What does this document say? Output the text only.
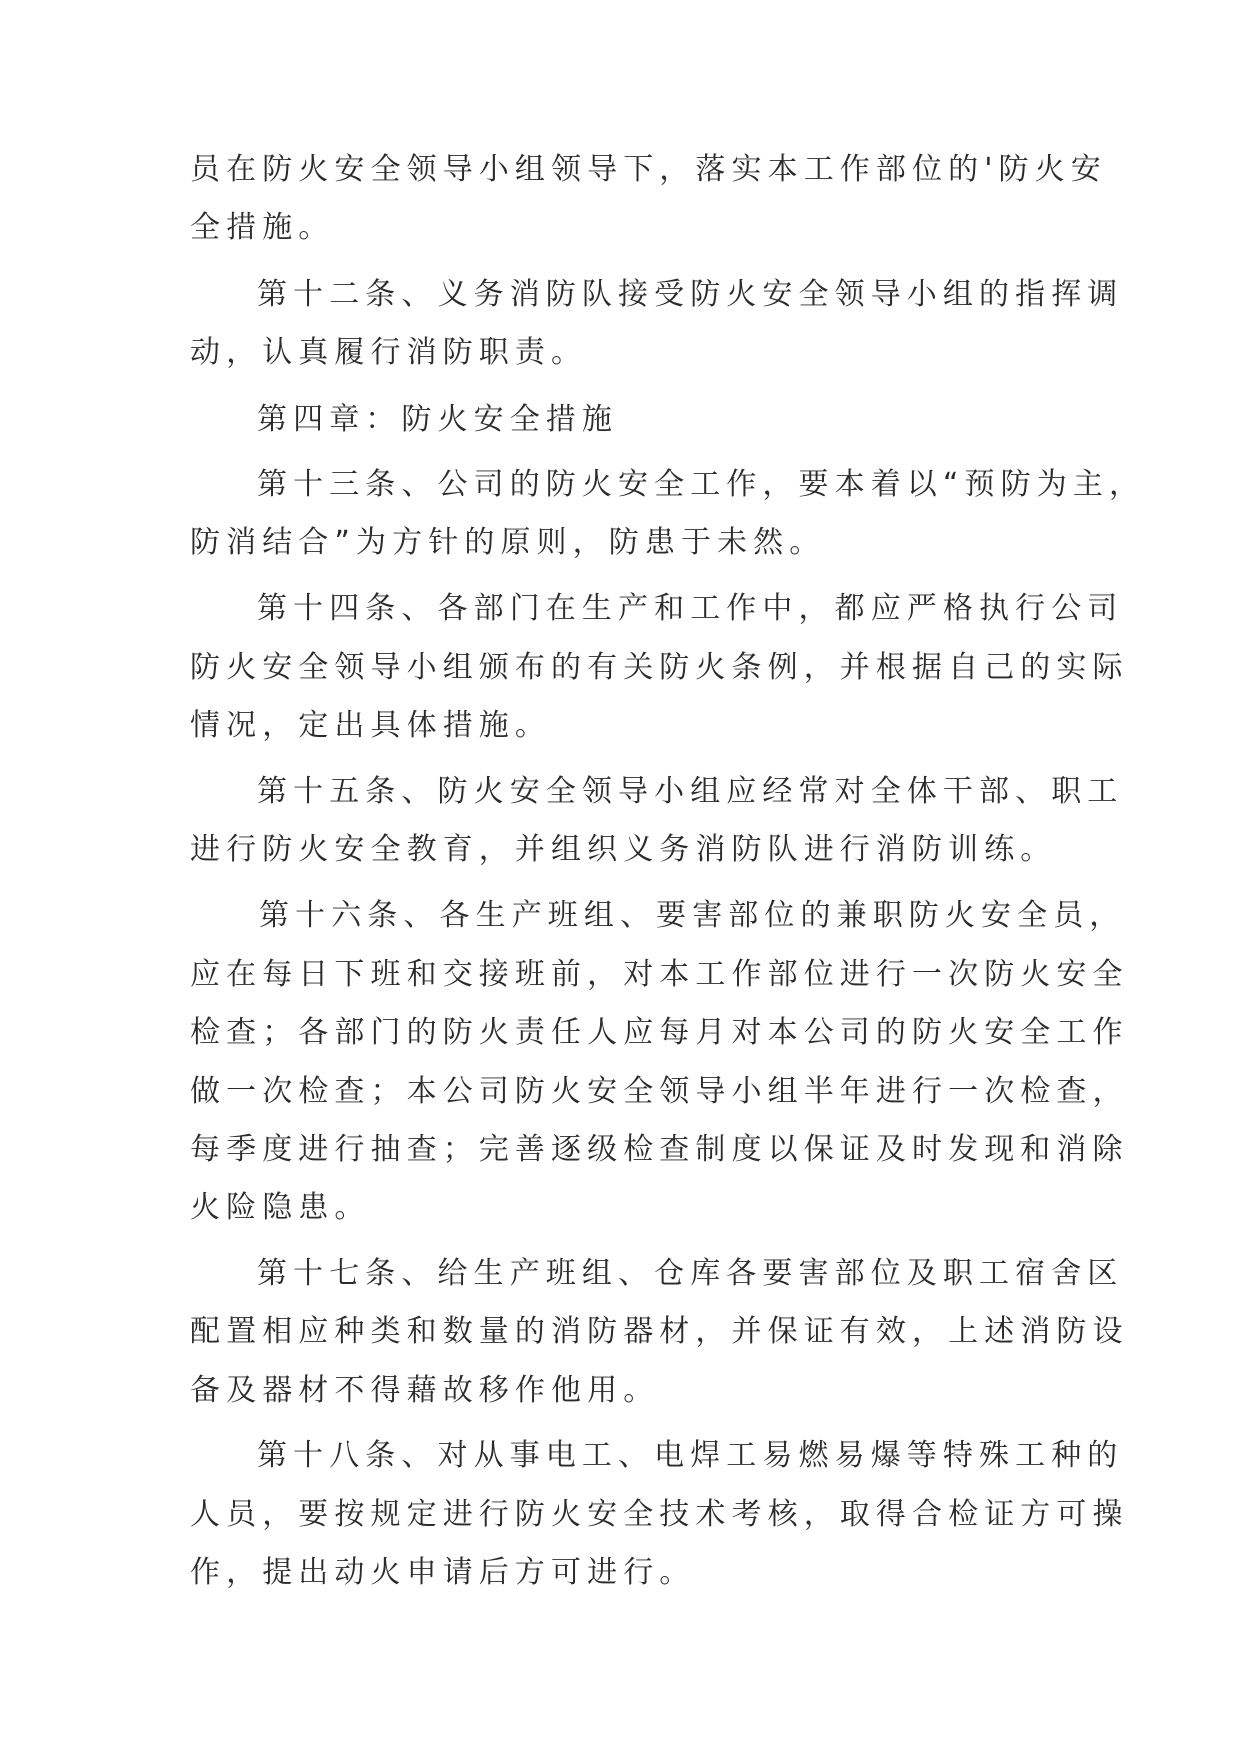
员在防火安全领导小组领导下，落实本工作部位的'防火安
全措施。
第十二条、义务消防队接受防火安全领导小组的指挥调
动，认真履行消防职责。
第四章：防火安全措施
第十三条、公司的防火安全工作，要本着以“预防为主，
防消结合”为方针的原则，防患于未然。
第十四条、各部门在生产和工作中，都应严格执行公司
防火安全领导小组颁布的有关防火条例，并根据自己的实际
情况，定出具体措施。
第十五条、防火安全领导小组应经常对全体干部、职工
进行防火安全教育，并组织义务消防队进行消防训练。
第十六条、各生产班组、要害部位的兼职防火安全员，
应在每日下班和交接班前，对本工作部位进行一次防火安全
检查；各部门的防火责任人应每月对本公司的防火安全工作
做一次检查；本公司防火安全领导小组半年进行一次检查，
每季度进行抽查；完善逐级检查制度以保证及时发现和消除
火险隐患。
第十七条、给生产班组、仓库各要害部位及职工宿舍区
配置相应种类和数量的消防器材，并保证有效，上述消防设
备及器材不得藉故移作他用。
第十八条、对从事电工、电焊工易燃易爆等特殊工种的
人员，要按规定进行防火安全技术考核，取得合检证方可操
作，提出动火申请后方可进行。
